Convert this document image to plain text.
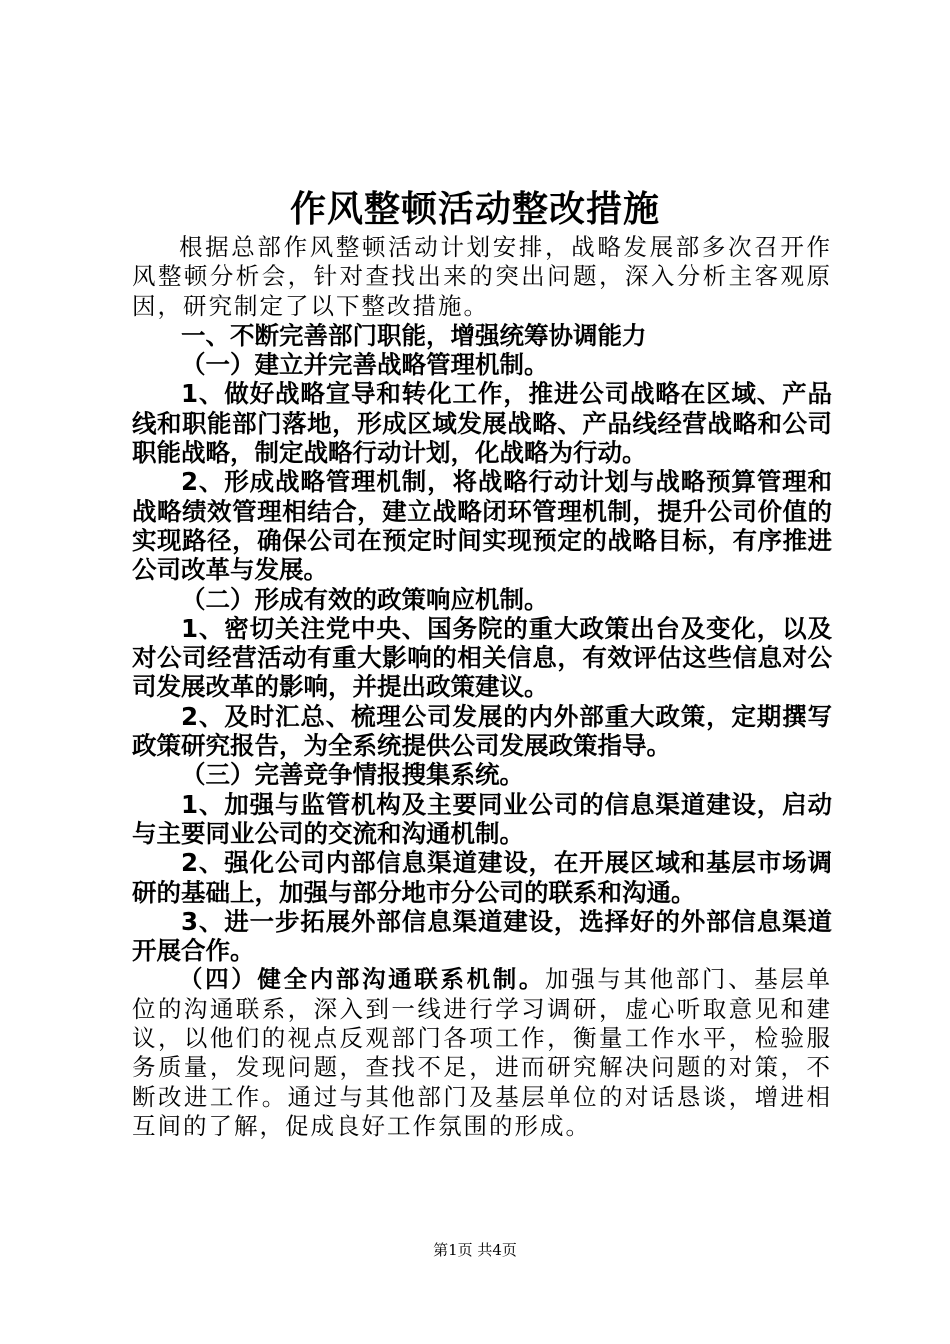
作风整顿活动整改措施

根据总部作风整顿活动计划安排，战略发展部多次召开作风整顿分析会，针对查找出来的突出问题，深入分析主客观原因，研究制定了以下整改措施。

一、不断完善部门职能，增强统筹协调能力

（一）建立并完善战略管理机制。

1、做好战略宣导和转化工作，推进公司战略在区域、产品线和职能部门落地，形成区域发展战略、产品线经营战略和公司职能战略，制定战略行动计划，化战略为行动。

2、形成战略管理机制，将战略行动计划与战略预算管理和战略绩效管理相结合，建立战略闭环管理机制，提升公司价值的实现路径，确保公司在预定时间实现预定的战略目标，有序推进公司改革与发展。

（二）形成有效的政策响应机制。

1、密切关注党中央、国务院的重大政策出台及变化，以及对公司经营活动有重大影响的相关信息，有效评估这些信息对公司发展改革的影响，并提出政策建议。

2、及时汇总、梳理公司发展的内外部重大政策，定期撰写政策研究报告，为全系统提供公司发展政策指导。

（三）完善竞争情报搜集系统。

1、加强与监管机构及主要同业公司的信息渠道建设，启动与主要同业公司的交流和沟通机制。

2、强化公司内部信息渠道建设，在开展区域和基层市场调研的基础上，加强与部分地市分公司的联系和沟通。

3、进一步拓展外部信息渠道建设，选择好的外部信息渠道开展合作。

（四）健全内部沟通联系机制。加强与其他部门、基层单位的沟通联系，深入到一线进行学习调研，虚心听取意见和建议，以他们的视点反观部门各项工作，衡量工作水平，检验服务质量，发现问题，查找不足，进而研究解决问题的对策，不断改进工作。通过与其他部门及基层单位的对话恳谈，增进相互间的了解，促成良好工作氛围的形成。

第1页 共4页
